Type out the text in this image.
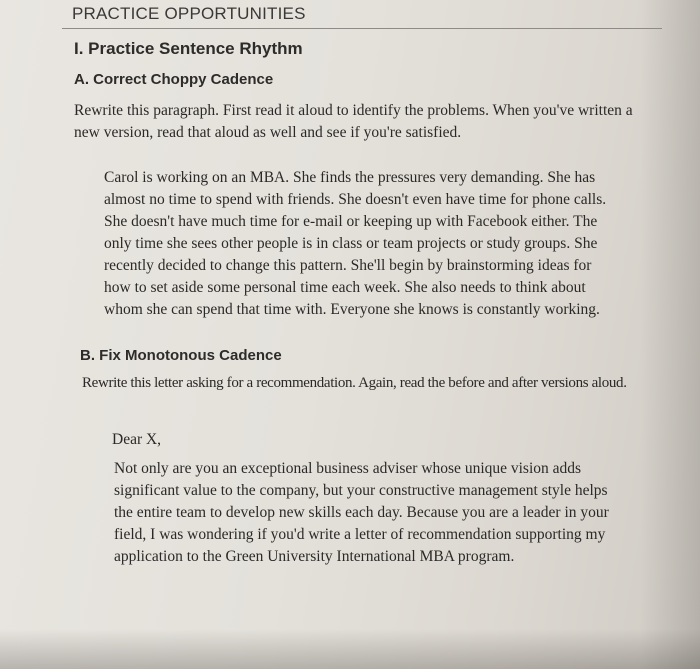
PRACTICE OPPORTUNITIES
I. Practice Sentence Rhythm
A. Correct Choppy Cadence
Rewrite this paragraph. First read it aloud to identify the problems. When you've written a
new version, read that aloud as well and see if you're satisfied.
Carol is working on an MBA. She finds the pressures very demanding. She has
almost no time to spend with friends. She doesn't even have time for phone calls.
She doesn't have much time for e-mail or keeping up with Facebook either. The
only time she sees other people is in class or team projects or study groups. She
recently decided to change this pattern. She'll begin by brainstorming ideas for
how to set aside some personal time each week. She also needs to think about
whom she can spend that time with. Everyone she knows is constantly working.
B. Fix Monotonous Cadence
Rewrite this letter asking for a recommendation. Again, read the before and after versions aloud.
Dear X,
Not only are you an exceptional business adviser whose unique vision adds
significant value to the company, but your constructive management style helps
the entire team to develop new skills each day. Because you are a leader in your
field, I was wondering if you'd write a letter of recommendation supporting my
application to the Green University International MBA program.
